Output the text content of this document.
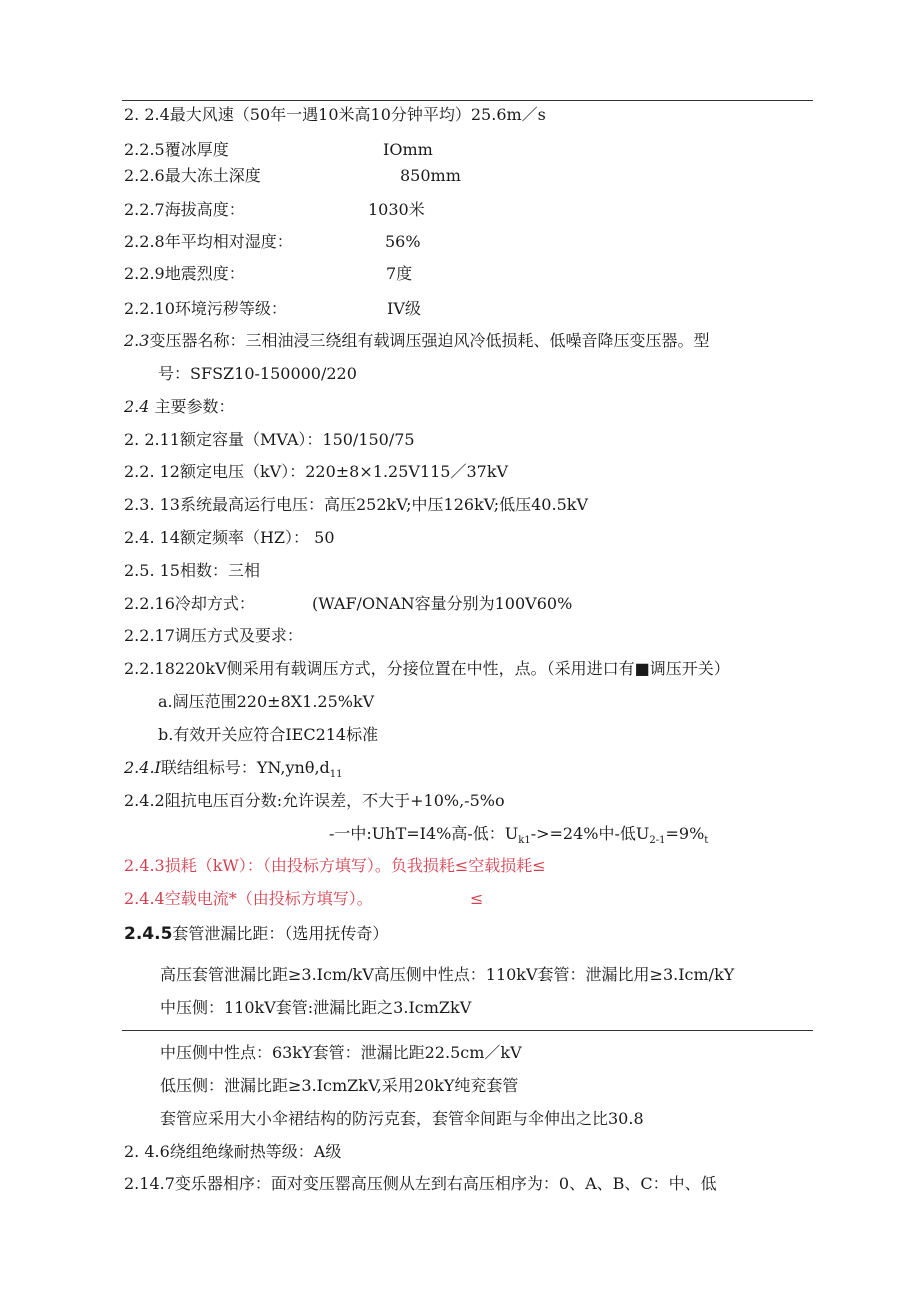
2. 2.4最大风速（50年一遇10米高10分钟平均）25.6m／s
2.2.5覆冰厚度	IOmm
2.2.6最大冻土深度	850mm
2.2.7海拔高度：	1030米
2.2.8年平均相对湿度：	56%
2.2.9地震烈度：	7度
2.2.10环境污秽等级：	IV级
2.3变压器名称：三相油浸三绕组有载调压强迫风冷低损耗、低噪音降压变压器。型
号：SFSZ10-150000/220
2.4 主要参数：
2. 2.11额定容量（MVA）：150/150/75
2.2. 12额定电压（kV）：220±8×1.25V115／37kV
2.3. 13系统最高运行电压：高压252kV;中压126kV;低压40.5kV
2.4. 14额定频率（HZ）： 50
2.5. 15相数：三相
2.2.16冷却方式：	(WAF/ONAN容量分别为100V60%
2.2.17调压方式及要求：
2.2.18220kV侧采用有载调压方式，分接位置在中性，点。（采用进口有■调压开关）
a.阔压范围220±8X1.25%kV
b.有效开关应符合IEC214标准
2.4.I联结组标号：$YN,yn\theta,d_{11}$
2.4.2阻抗电压百分数:允许误差，不大于+10%,-5%o
-一中:UhT=I4%高-低：$U_{k1}->=24\%$中-低$U_{2-1}=9\%_t$
2.4.3损耗（kW）：（由投标方填写）。负我损耗≤空载损耗≤
2.4.4空载电流*（由投标方填写）。	≤
2.4.5套管泄漏比距：（选用抚传奇）
高压套管泄漏比距≥3.Icm/kV高压侧中性点：110kV套管：泄漏比用≥3.Icm/kY
中压侧：110kV套管:泄漏比距之3.IcmZkV
中压侧中性点：63kY套管：泄漏比距22.5cm／kV
低压侧：泄漏比距≥3.IcmZkV,采用20kY纯兖套管
套管应采用大小伞裙结构的防污克套，套管伞间距与伞伸出之比30.8
2. 4.6绕组绝缘耐热等级：A级
2.14.7变乐器相序：面对变压罂高压侧从左到右高压相序为：0、A、B、C：中、低
